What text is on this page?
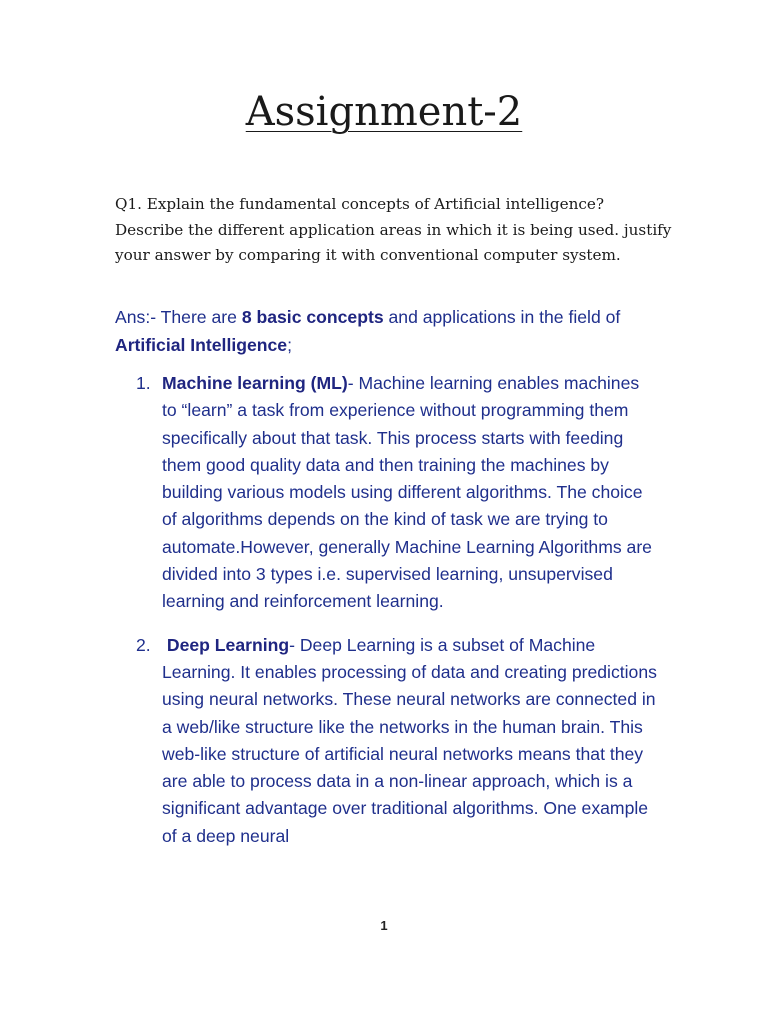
Assignment-2
Q1. Explain the fundamental concepts of Artificial intelligence? Describe the different application areas in which it is being used. justify your answer by comparing it with conventional computer system.
Ans:- There are 8 basic concepts and applications in the field of Artificial Intelligence;
1. Machine learning (ML)- Machine learning enables machines to “learn” a task from experience without programming them specifically about that task. This process starts with feeding them good quality data and then training the machines by building various models using different algorithms. The choice of algorithms depends on the kind of task we are trying to automate.However, generally Machine Learning Algorithms are divided into 3 types i.e. supervised learning, unsupervised learning and reinforcement learning.
2. Deep Learning- Deep Learning is a subset of Machine Learning. It enables processing of data and creating predictions using neural networks. These neural networks are connected in a web/like structure like the networks in the human brain. This web-like structure of artificial neural networks means that they are able to process data in a non-linear approach, which is a significant advantage over traditional algorithms. One example of a deep neural
1
